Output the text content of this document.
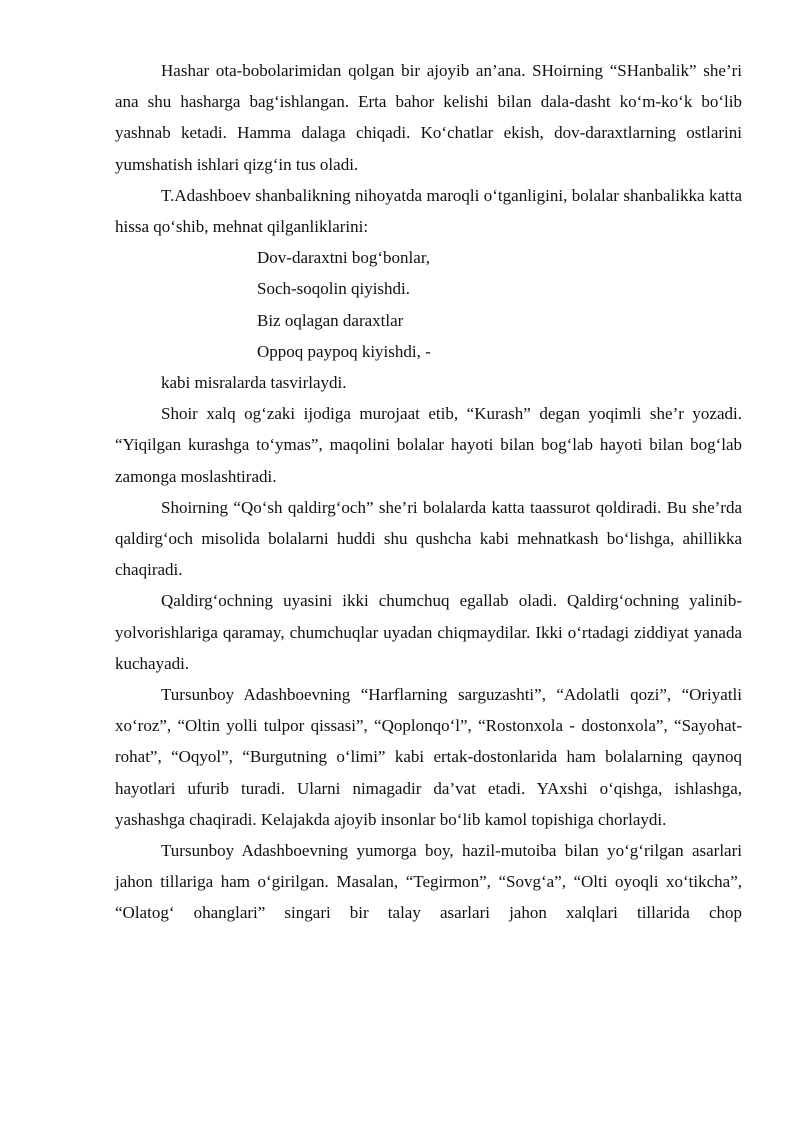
Hashar ota-bobolarimidan qolgan bir ajoyib an’ana. SHoirning “SHanbalik” she’ri ana shu hasharga bag‘ishlangan. Erta bahor kelishi bilan dala-dasht ko‘m-ko‘k bo‘lib yashnab ketadi. Hamma dalaga chiqadi. Ko‘chatlar ekish, dov-daraxtlarning ostlarini yumshatish ishlari qizg‘in tus oladi.

T.Adashboev shanbalikning nihoyatda maroqli o‘tganligini, bolalar shanbalikka katta hissa qo‘shib, mehnat qilganliklarini:

Dov-daraxtni bog‘bonlar,
Soch-soqolin qiyishdi.
Biz oqlagan daraxtlar
Oppoq paypoq kiyishdi, -

kabi misralarda tasvirlaydi.

Shoir xalq og‘zaki ijodiga murojaat etib, “Kurash” degan yoqimli she’r yozadi. “Yiqilgan kurashga to‘ymas”, maqolini bolalar hayoti bilan bog‘lab hayoti bilan bog‘lab zamonga moslashtiradi.

Shoirning “Qo‘sh qaldirg‘och” she’ri bolalarda katta taassurot qoldiradi. Bu she’rda qaldirg‘och misolida bolalarni huddi shu qushcha kabi mehnatkash bo‘lishga, ahillikka chaqiradi.

Qaldirg‘ochning uyasini ikki chumchuq egallab oladi. Qaldirg‘ochning yalinib-yolvorishlariga qaramay, chumchuqlar uyadan chiqmaydilar. Ikki o‘rtadagi ziddiyat yanada kuchayadi.

Tursunboy Adashboevning “Harflarning sarguzashti”, “Adolatli qozi”, “Oriyatli xo‘roz”, “Oltin yolli tulpor qissasi”, “Qoplonqo‘l”, “Rostonxola - dostonxola”, “Sayohat-rohat”, “Oqyol”, “Burgutning o‘limi” kabi ertak-dostonlarida ham bolalarning qaynoq hayotlari ufurib turadi. Ularni nimagadir da’vat etadi. YAxshi o‘qishga, ishlashga, yashashga chaqiradi. Kelajakda ajoyib insonlar bo‘lib kamol topishiga chorlaydi.

Tursunboy Adashboevning yumorga boy, hazil-mutoiba bilan yo‘g‘rilgan asarlari jahon tillariga ham o‘girilgan. Masalan, “Tegirmon”, “Sovg‘a”, “Olti oyoqli xo‘tikcha”, “Olatog‘ ohanglari” singari bir talay asarlari jahon xalqlari tillarida chop
